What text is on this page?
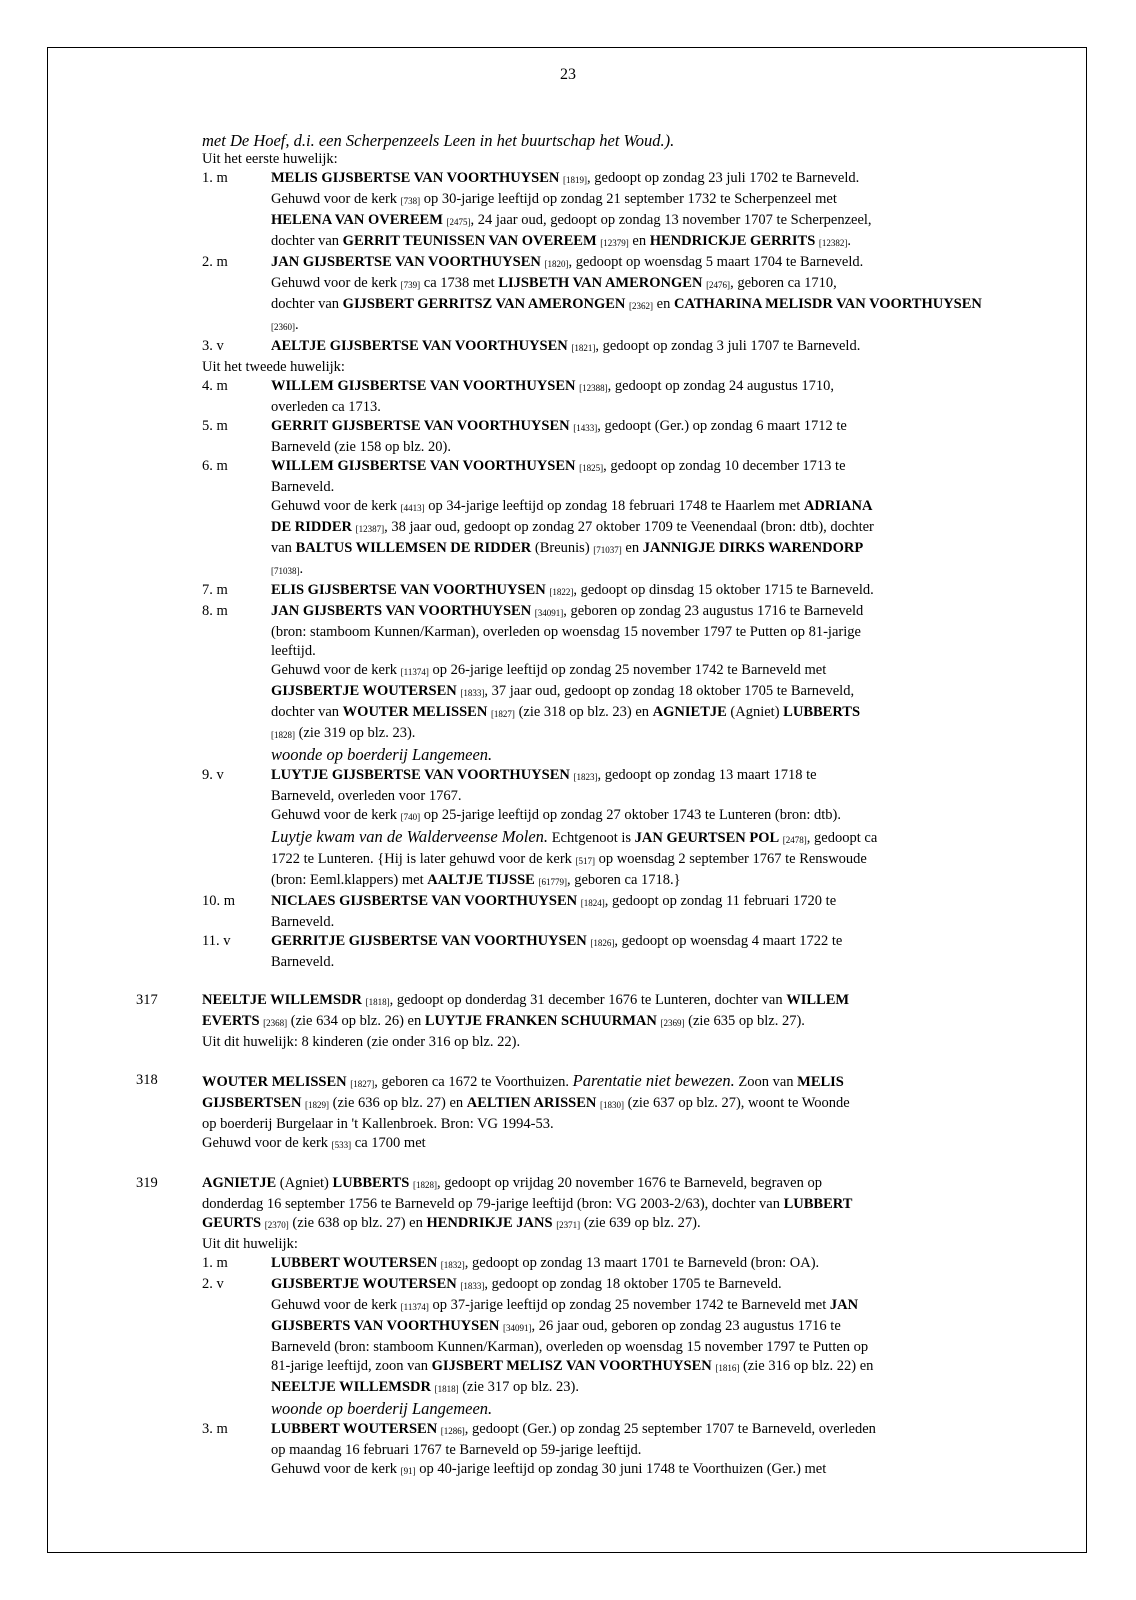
23
met De Hoef, d.i. een Scherpenzeels Leen in het buurtschap het Woud.).
Uit het eerste huwelijk:
1. m	MELIS GIJSBERTSE VAN VOORTHUYSEN [1819], gedoopt op zondag 23 juli 1702 te Barneveld.
Gehuwd voor de kerk [738] op 30-jarige leeftijd op zondag 21 september 1732 te Scherpenzeel met
HELENA VAN OVEREEM [2475], 24 jaar oud, gedoopt op zondag 13 november 1707 te Scherpenzeel,
dochter van GERRIT TEUNISSEN VAN OVEREEM [12379] en HENDRICKJE GERRITS [12382].
2. m	JAN GIJSBERTSE VAN VOORTHUYSEN [1820], gedoopt op woensdag 5 maart 1704 te Barneveld.
Gehuwd voor de kerk [739] ca 1738 met LIJSBETH VAN AMERONGEN [2476], geboren ca 1710,
dochter van GIJSBERT GERRITSZ VAN AMERONGEN [2362] en CATHARINA MELISDR VAN VOORTHUYSEN [2360].
3. v	AELTJE GIJSBERTSE VAN VOORTHUYSEN [1821], gedoopt op zondag 3 juli 1707 te Barneveld.
Uit het tweede huwelijk:
4. m	WILLEM GIJSBERTSE VAN VOORTHUYSEN [12388], gedoopt op zondag 24 augustus 1710,
overleden ca 1713.
5. m	GERRIT GIJSBERTSE VAN VOORTHUYSEN [1433], gedoopt (Ger.) op zondag 6 maart 1712 te
Barneveld (zie 158 op blz. 20).
6. m	WILLEM GIJSBERTSE VAN VOORTHUYSEN [1825], gedoopt op zondag 10 december 1713 te
Barneveld.
Gehuwd voor de kerk [4413] op 34-jarige leeftijd op zondag 18 februari 1748 te Haarlem met ADRIANA
DE RIDDER [12387], 38 jaar oud, gedoopt op zondag 27 oktober 1709 te Veenendaal (bron: dtb), dochter
van BALTUS WILLEMSEN DE RIDDER (Breunis) [71037] en JANNIGJE DIRKS WARENDORP
[71038].
7. m	ELIS GIJSBERTSE VAN VOORTHUYSEN [1822], gedoopt op dinsdag 15 oktober 1715 te Barneveld.
8. m	JAN GIJSBERTS VAN VOORTHUYSEN [34091], geboren op zondag 23 augustus 1716 te Barneveld
(bron: stamboom Kunnen/Karman), overleden op woensdag 15 november 1797 te Putten op 81-jarige
leeftijd.
Gehuwd voor de kerk [11374] op 26-jarige leeftijd op zondag 25 november 1742 te Barneveld met
GIJSBERTJE WOUTERSEN [1833], 37 jaar oud, gedoopt op zondag 18 oktober 1705 te Barneveld,
dochter van WOUTER MELISSEN [1827] (zie 318 op blz. 23) en AGNIETJE (Agniet) LUBBERTS
[1828] (zie 319 op blz. 23).
woonde op boerderij Langemeen.
9. v	LUYTJE GIJSBERTSE VAN VOORTHUYSEN [1823], gedoopt op zondag 13 maart 1718 te
Barneveld, overleden voor 1767.
Gehuwd voor de kerk [740] op 25-jarige leeftijd op zondag 27 oktober 1743 te Lunteren (bron: dtb).
Luytje kwam van de Walderveense Molen. Echtgenoot is JAN GEURTSEN POL [2478], gedoopt ca
1722 te Lunteren. {Hij is later gehuwd voor de kerk [517] op woensdag 2 september 1767 te Renswoude
(bron: Eeml.klappers) met AALTJE TIJSSE [61779], geboren ca 1718.}
10. m	NICLAES GIJSBERTSE VAN VOORTHUYSEN [1824], gedoopt op zondag 11 februari 1720 te
Barneveld.
11. v	GERRITJE GIJSBERTSE VAN VOORTHUYSEN [1826], gedoopt op woensdag 4 maart 1722 te
Barneveld.
317	NEELTJE WILLEMSDR [1818], gedoopt op donderdag 31 december 1676 te Lunteren, dochter van WILLEM
EVERTS [2368] (zie 634 op blz. 26) en LUYTJE FRANKEN SCHUURMAN [2369] (zie 635 op blz. 27).
Uit dit huwelijk: 8 kinderen (zie onder 316 op blz. 22).
318	WOUTER MELISSEN [1827], geboren ca 1672 te Voorthuizen. Parentatie niet bewezen. Zoon van MELIS
GIJSBERTSEN [1829] (zie 636 op blz. 27) en AELTIEN ARISSEN [1830] (zie 637 op blz. 27), woont te Woonde
op boerderij Burgelaar in 't Kallenbroek. Bron: VG 1994-53.
Gehuwd voor de kerk [533] ca 1700 met
319	AGNIETJE (Agniet) LUBBERTS [1828], gedoopt op vrijdag 20 november 1676 te Barneveld, begraven op
donderdag 16 september 1756 te Barneveld op 79-jarige leeftijd (bron: VG 2003-2/63), dochter van LUBBERT
GEURTS [2370] (zie 638 op blz. 27) en HENDRIKJE JANS [2371] (zie 639 op blz. 27).
Uit dit huwelijk:
1. m	LUBBERT WOUTERSEN [1832], gedoopt op zondag 13 maart 1701 te Barneveld (bron: OA).
2. v	GIJSBERTJE WOUTERSEN [1833], gedoopt op zondag 18 oktober 1705 te Barneveld.
Gehuwd voor de kerk [11374] op 37-jarige leeftijd op zondag 25 november 1742 te Barneveld met JAN
GIJSBERTS VAN VOORTHUYSEN [34091], 26 jaar oud, geboren op zondag 23 augustus 1716 te
Barneveld (bron: stamboom Kunnen/Karman), overleden op woensdag 15 november 1797 te Putten op
81-jarige leeftijd, zoon van GIJSBERT MELISZ VAN VOORTHUYSEN [1816] (zie 316 op blz. 22) en
NEELTJE WILLEMSDR [1818] (zie 317 op blz. 23).
woonde op boerderij Langemeen.
3. m	LUBBERT WOUTERSEN [1286], gedoopt (Ger.) op zondag 25 september 1707 te Barneveld, overleden
op maandag 16 februari 1767 te Barneveld op 59-jarige leeftijd.
Gehuwd voor de kerk [91] op 40-jarige leeftijd op zondag 30 juni 1748 te Voorthuizen (Ger.) met
